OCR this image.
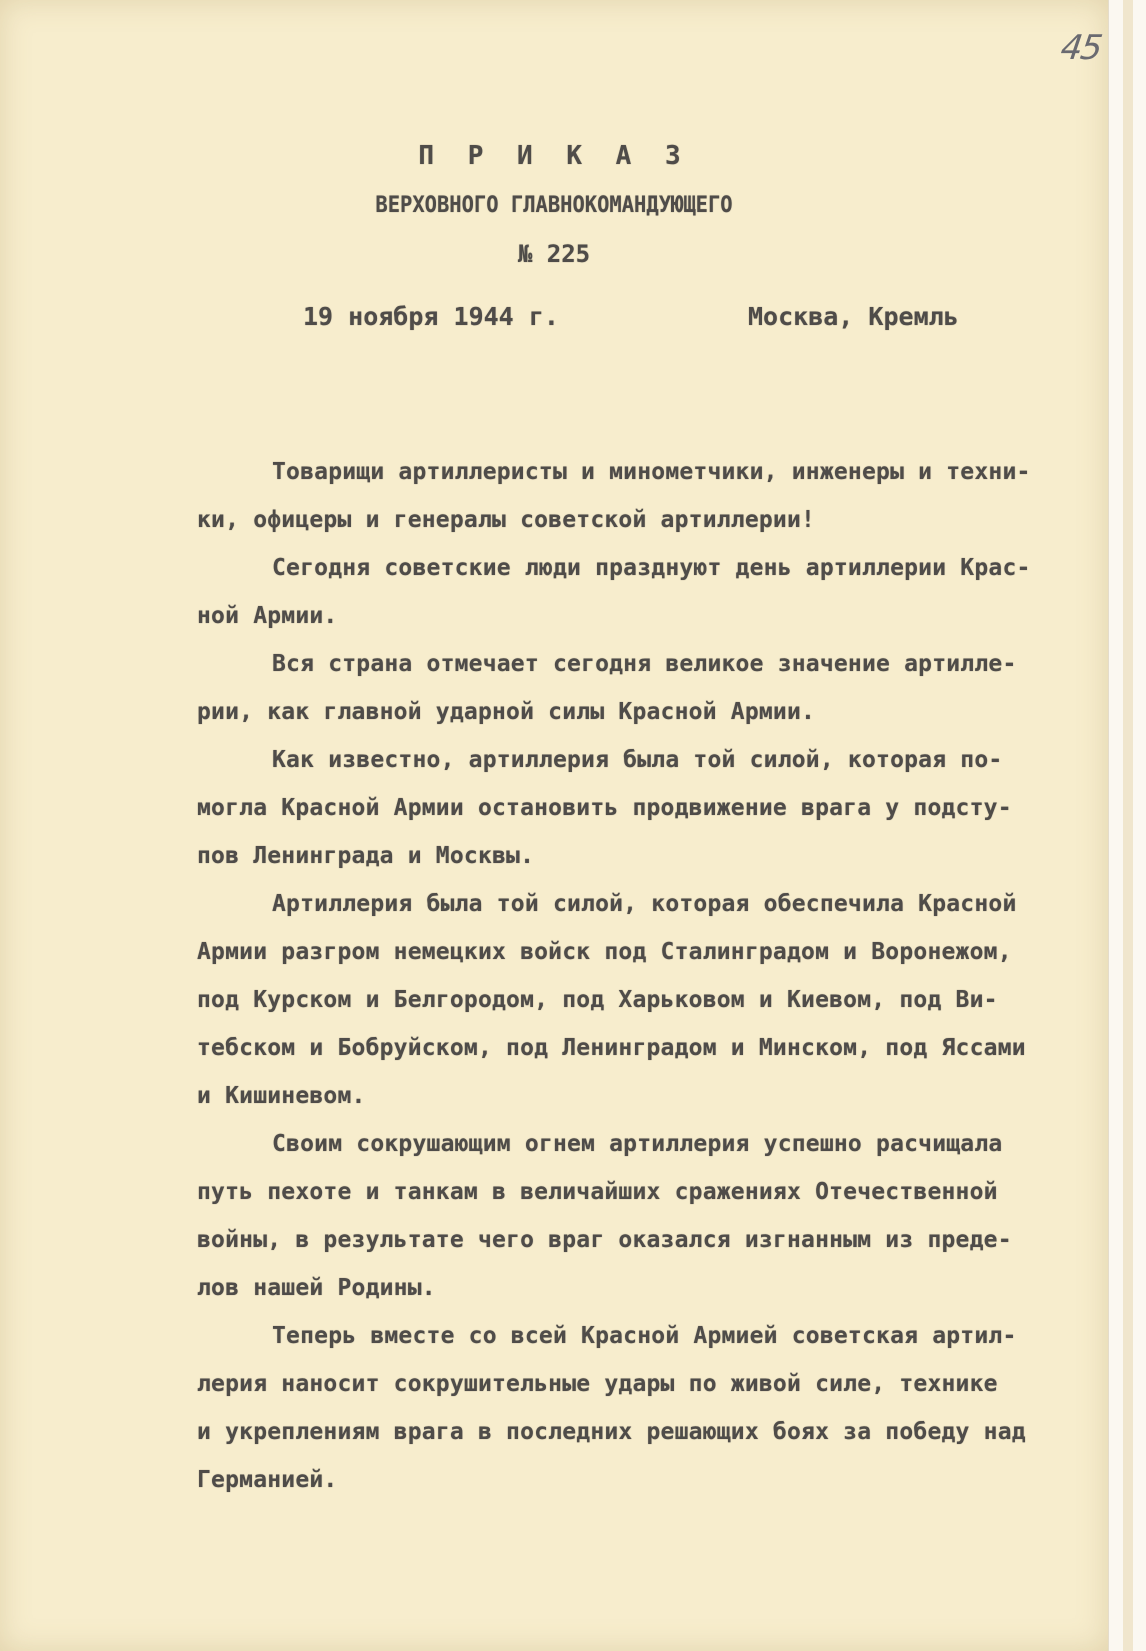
45
П Р И К А З
ВЕРХОВНОГО ГЛАВНОКОМАНДУЮЩЕГО
№ 225
19 ноября 1944 г.	Москва, Кремль
Товарищи артиллеристы и минометчики, инженеры и техни-
ки, офицеры и генералы советской артиллерии!
Сегодня советские люди празднуют день артиллерии Крас-
ной Армии.
Вся страна отмечает сегодня великое значение артилле-
рии, как главной ударной силы Красной Армии.
Как известно, артиллерия была той силой, которая по-
могла Красной Армии остановить продвижение врага у подсту-
пов Ленинграда и Москвы.
Артиллерия была той силой, которая обеспечила Красной
Армии разгром немецких войск под Сталинградом и Воронежом,
под Курском и Белгородом, под Харьковом и Киевом, под Ви-
тебском и Бобруйском, под Ленинградом и Минском, под Яссами
и Кишиневом.
Своим сокрушающим огнем артиллерия успешно расчищала
путь пехоте и танкам в величайших сражениях Отечественной
войны, в результате чего враг оказался изгнанным из преде-
лов нашей Родины.
Теперь вместе со всей Красной Армией советская артил-
лерия наносит сокрушительные удары по живой силе, технике
и укреплениям врага в последних решающих боях за победу над
Германией.
